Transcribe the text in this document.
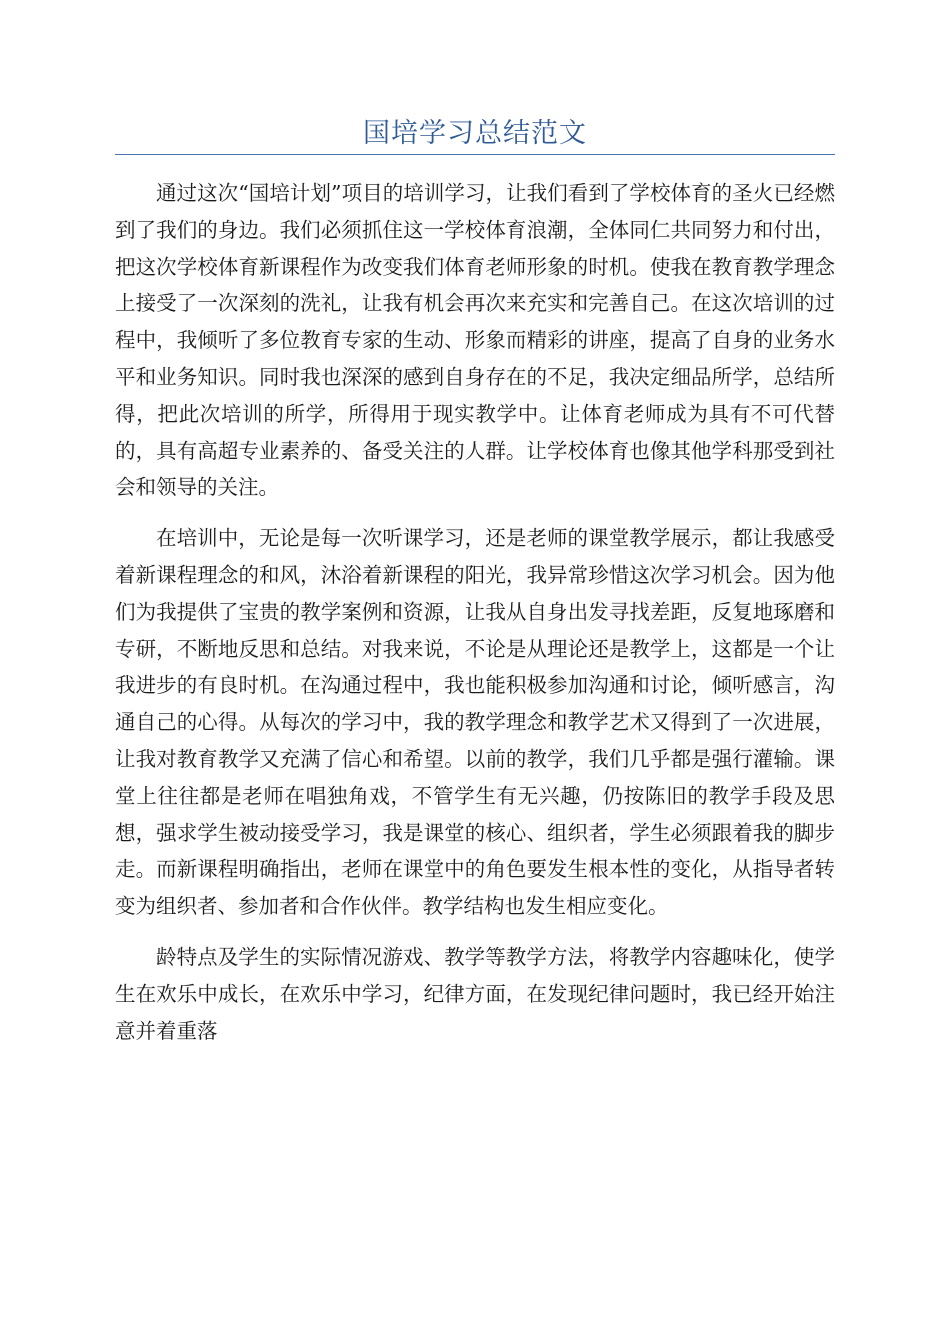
国培学习总结范文

通过这次“国培计划”项目的培训学习，让我们看到了学校体育的圣火已经燃到了我们的身边。我们必须抓住这一学校体育浪潮，全体同仁共同努力和付出，把这次学校体育新课程作为改变我们体育老师形象的时机。使我在教育教学理念上接受了一次深刻的洗礼，让我有机会再次来充实和完善自己。在这次培训的过程中，我倾听了多位教育专家的生动、形象而精彩的讲座，提高了自身的业务水平和业务知识。同时我也深深的感到自身存在的不足，我决定细品所学，总结所得，把此次培训的所学，所得用于现实教学中。让体育老师成为具有不可代替的，具有高超专业素养的、备受关注的人群。让学校体育也像其他学科那受到社会和领导的关注。

在培训中，无论是每一次听课学习，还是老师的课堂教学展示，都让我感受着新课程理念的和风，沐浴着新课程的阳光，我异常珍惜这次学习机会。因为他们为我提供了宝贵的教学案例和资源，让我从自身出发寻找差距，反复地琢磨和专研，不断地反思和总结。对我来说，不论是从理论还是教学上，这都是一个让我进步的有良时机。在沟通过程中，我也能积极参加沟通和讨论，倾听感言，沟通自己的心得。从每次的学习中，我的教学理念和教学艺术又得到了一次进展，让我对教育教学又充满了信心和希望。以前的教学，我们几乎都是强行灌输。课堂上往往都是老师在唱独角戏，不管学生有无兴趣，仍按陈旧的教学手段及思想，强求学生被动接受学习，我是课堂的核心、组织者，学生必须跟着我的脚步走。而新课程明确指出，老师在课堂中的角色要发生根本性的变化，从指导者转变为组织者、参加者和合作伙伴。教学结构也发生相应变化。

龄特点及学生的实际情况游戏、教学等教学方法，将教学内容趣味化，使学生在欢乐中成长，在欢乐中学习，纪律方面，在发现纪律问题时，我已经开始注意并着重落
